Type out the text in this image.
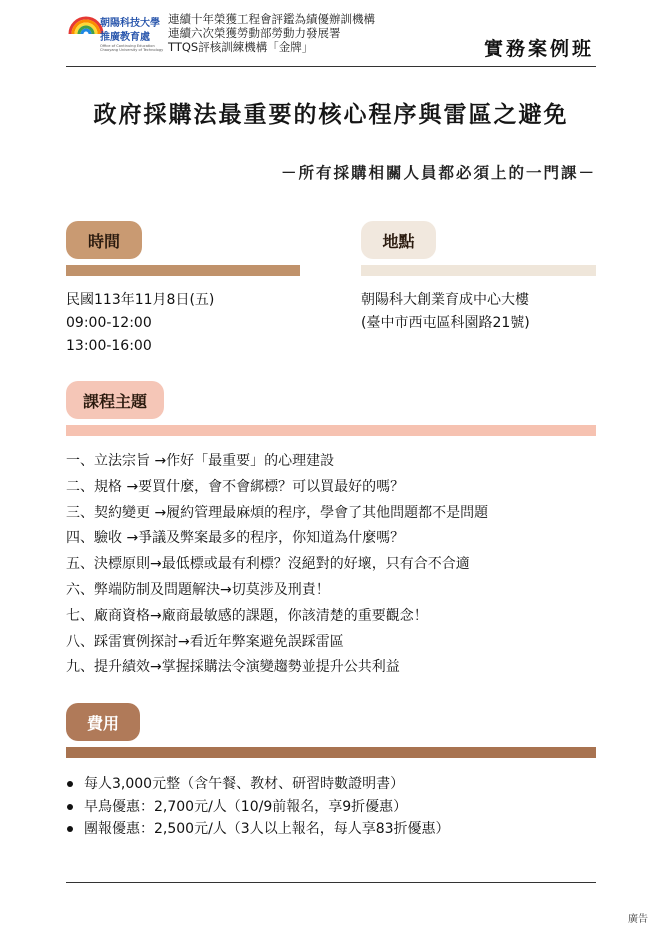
朝陽科技大學
推廣教育處
Office of Continuing Education
Chaoyang University of Technology
連續十年榮獲工程會評鑑為績優辦訓機構
連續六次榮獲勞動部勞動力發展署
TTQS評核訓練機構「金牌」	實務案例班
政府採購法最重要的核心程序與雷區之避免
－所有採購相關人員都必須上的一門課－
時間
民國113年11月8日(五)
09:00-12:00
13:00-16:00
地點
朝陽科大創業育成中心大樓
(臺中市西屯區科園路21號)
課程主題
一、立法宗旨 →作好「最重要」的心理建設
二、規格 →要買什麼，會不會綁標？可以買最好的嗎？
三、契約變更 →履約管理最麻煩的程序，學會了其他問題都不是問題
四、驗收 →爭議及弊案最多的程序，你知道為什麼嗎？
五、決標原則→最低標或最有利標？沒絕對的好壞，只有合不合適
六、弊端防制及問題解決→切莫涉及刑責！
七、廠商資格→廠商最敏感的課題，你該清楚的重要觀念！
八、踩雷實例探討→看近年弊案避免誤踩雷區
九、提升績效→掌握採購法令演變趨勢並提升公共利益
費用
每人3,000元整（含午餐、教材、研習時數證明書）
早鳥優惠：2,700元/人（10/9前報名，享9折優惠）
團報優惠：2,500元/人（3人以上報名，每人享83折優惠）
廣告
